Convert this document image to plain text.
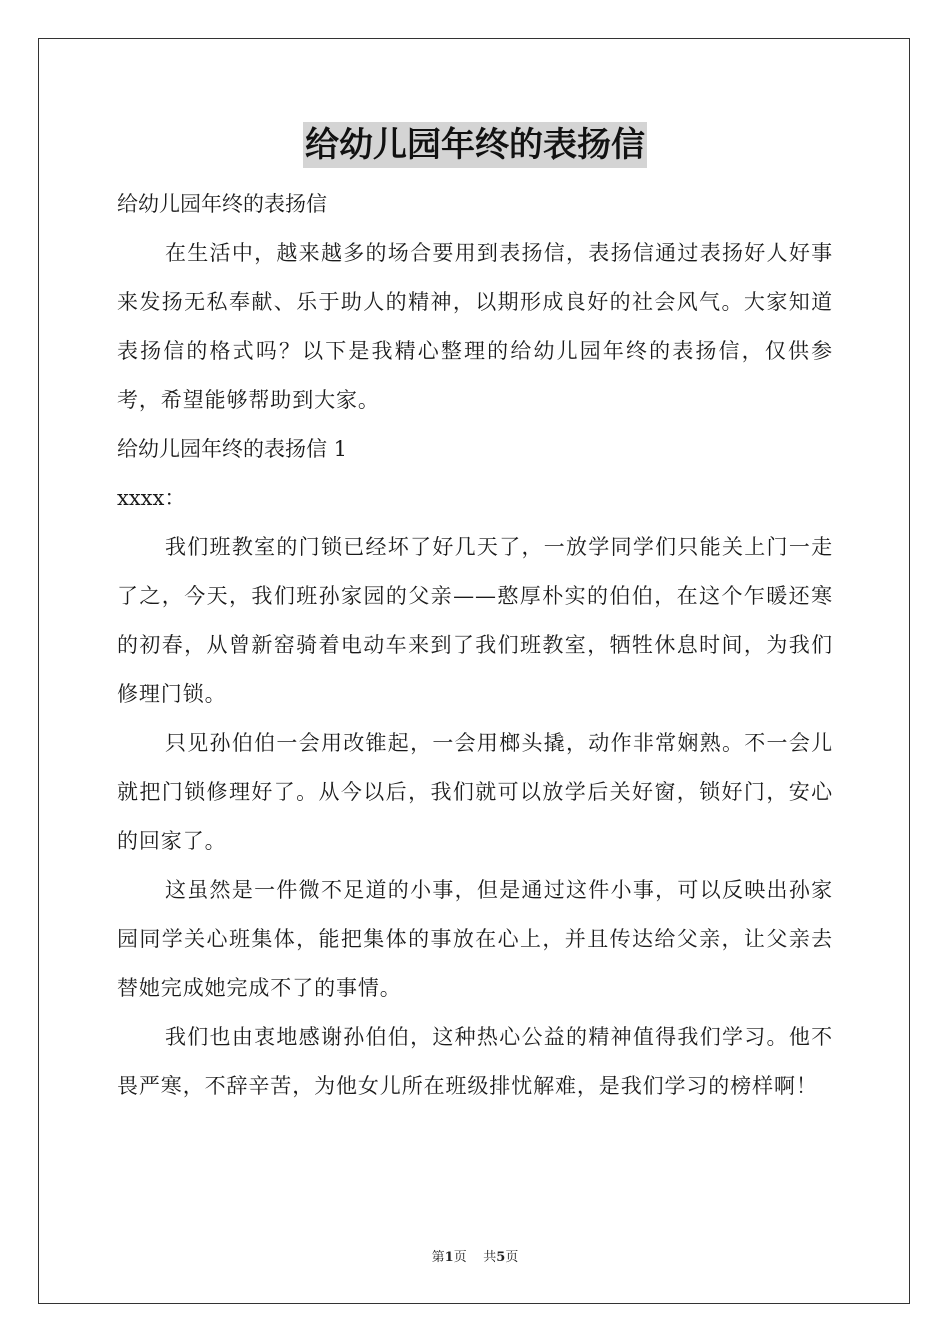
给幼儿园年终的表扬信

给幼儿园年终的表扬信

在生活中，越来越多的场合要用到表扬信，表扬信通过表扬好人好事来发扬无私奉献、乐于助人的精神，以期形成良好的社会风气。大家知道表扬信的格式吗？以下是我精心整理的给幼儿园年终的表扬信，仅供参考，希望能够帮助到大家。

给幼儿园年终的表扬信 1

xxxx：

我们班教室的门锁已经坏了好几天了，一放学同学们只能关上门一走了之，今天，我们班孙家园的父亲——憨厚朴实的伯伯，在这个乍暖还寒的初春，从曾新窑骑着电动车来到了我们班教室，牺牲休息时间，为我们修理门锁。

只见孙伯伯一会用改锥起，一会用榔头撬，动作非常娴熟。不一会儿就把门锁修理好了。从今以后，我们就可以放学后关好窗，锁好门，安心的回家了。

这虽然是一件微不足道的小事，但是通过这件小事，可以反映出孙家园同学关心班集体，能把集体的事放在心上，并且传达给父亲，让父亲去替她完成她完成不了的事情。

我们也由衷地感谢孙伯伯，这种热心公益的精神值得我们学习。他不畏严寒，不辞辛苦，为他女儿所在班级排忧解难，是我们学习的榜样啊！

第1页 共5页
